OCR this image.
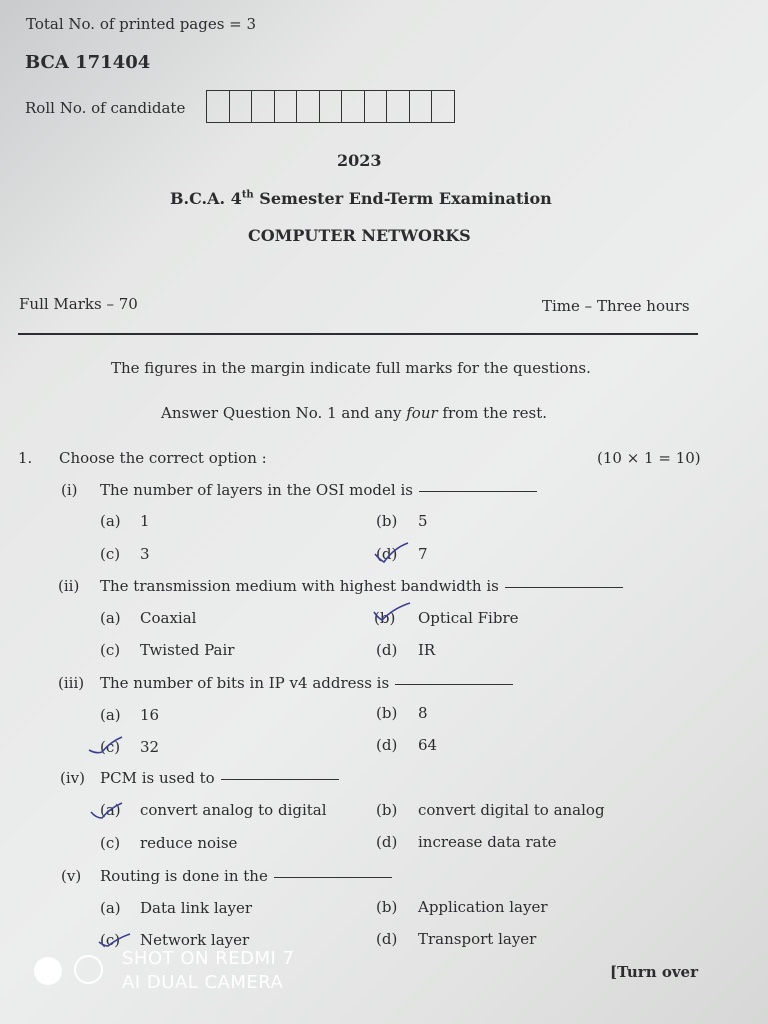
Total No. of printed pages = 3
BCA 171404
Roll No. of candidate
2023
B.C.A. 4th Semester End-Term Examination
COMPUTER NETWORKS
Full Marks – 70	Time – Three hours
The figures in the margin indicate full marks for the questions.
Answer Question No. 1 and any four from the rest.
1. Choose the correct option :	(10 × 1 = 10)
(i) The number of layers in the OSI model is
(a) 1	(b) 5
(c) 3	(d) 7
(ii) The transmission medium with highest bandwidth is
(a) Coaxial	(b) Optical Fibre
(c) Twisted Pair	(d) IR
(iii) The number of bits in IP v4 address is
(a) 16	(b) 8
(c) 32	(d) 64
(iv) PCM is used to
(a) convert analog to digital	(b) convert digital to analog
(c) reduce noise	(d) increase data rate
(v) Routing is done in the
(a) Data link layer	(b) Application layer
(c) Network layer	(d) Transport layer
[Turn over
SHOT ON REDMI 7
AI DUAL CAMERA
